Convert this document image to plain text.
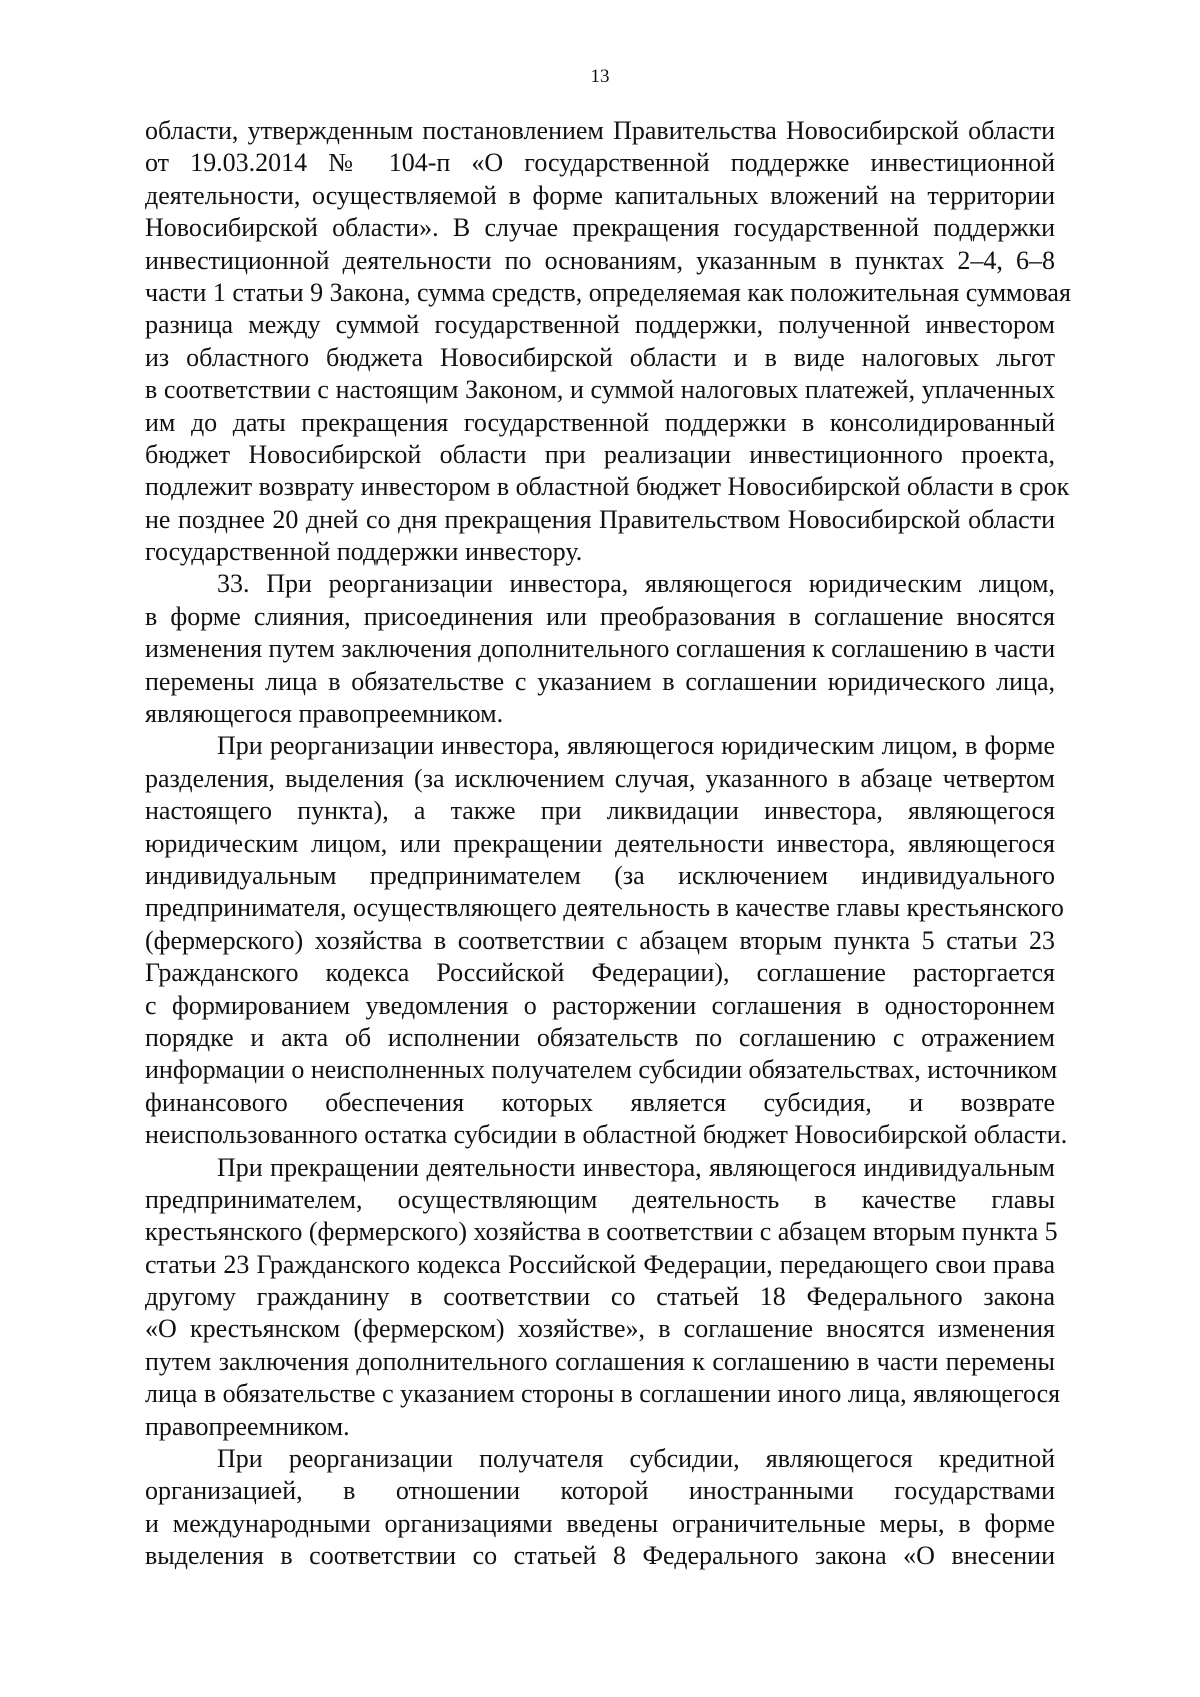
13
области, утвержденным постановлением Правительства Новосибирской области
от 19.03.2014 № 104-п «О государственной поддержке инвестиционной
деятельности, осуществляемой в форме капитальных вложений на территории
Новосибирской области». В случае прекращения государственной поддержки
инвестиционной деятельности по основаниям, указанным в пунктах 2–4, 6–8
части 1 статьи 9 Закона, сумма средств, определяемая как положительная суммовая
разница между суммой государственной поддержки, полученной инвестором
из областного бюджета Новосибирской области и в виде налоговых льгот
в соответствии с настоящим Законом, и суммой налоговых платежей, уплаченных
им до даты прекращения государственной поддержки в консолидированный
бюджет Новосибирской области при реализации инвестиционного проекта,
подлежит возврату инвестором в областной бюджет Новосибирской области в срок
не позднее 20 дней со дня прекращения Правительством Новосибирской области
государственной поддержки инвестору.
33. При реорганизации инвестора, являющегося юридическим лицом,
в форме слияния, присоединения или преобразования в соглашение вносятся
изменения путем заключения дополнительного соглашения к соглашению в части
перемены лица в обязательстве с указанием в соглашении юридического лица,
являющегося правопреемником.
При реорганизации инвестора, являющегося юридическим лицом, в форме
разделения, выделения (за исключением случая, указанного в абзаце четвертом
настоящего пункта), а также при ликвидации инвестора, являющегося
юридическим лицом, или прекращении деятельности инвестора, являющегося
индивидуальным предпринимателем (за исключением индивидуального
предпринимателя, осуществляющего деятельность в качестве главы крестьянского
(фермерского) хозяйства в соответствии с абзацем вторым пункта 5 статьи 23
Гражданского кодекса Российской Федерации), соглашение расторгается
с формированием уведомления о расторжении соглашения в одностороннем
порядке и акта об исполнении обязательств по соглашению с отражением
информации о неисполненных получателем субсидии обязательствах, источником
финансового обеспечения которых является субсидия, и возврате
неиспользованного остатка субсидии в областной бюджет Новосибирской области.
При прекращении деятельности инвестора, являющегося индивидуальным
предпринимателем, осуществляющим деятельность в качестве главы
крестьянского (фермерского) хозяйства в соответствии с абзацем вторым пункта 5
статьи 23 Гражданского кодекса Российской Федерации, передающего свои права
другому гражданину в соответствии со статьей 18 Федерального закона
«О крестьянском (фермерском) хозяйстве», в соглашение вносятся изменения
путем заключения дополнительного соглашения к соглашению в части перемены
лица в обязательстве с указанием стороны в соглашении иного лица, являющегося
правопреемником.
При реорганизации получателя субсидии, являющегося кредитной
организацией, в отношении которой иностранными государствами
и международными организациями введены ограничительные меры, в форме
выделения в соответствии со статьей 8 Федерального закона «О внесении
